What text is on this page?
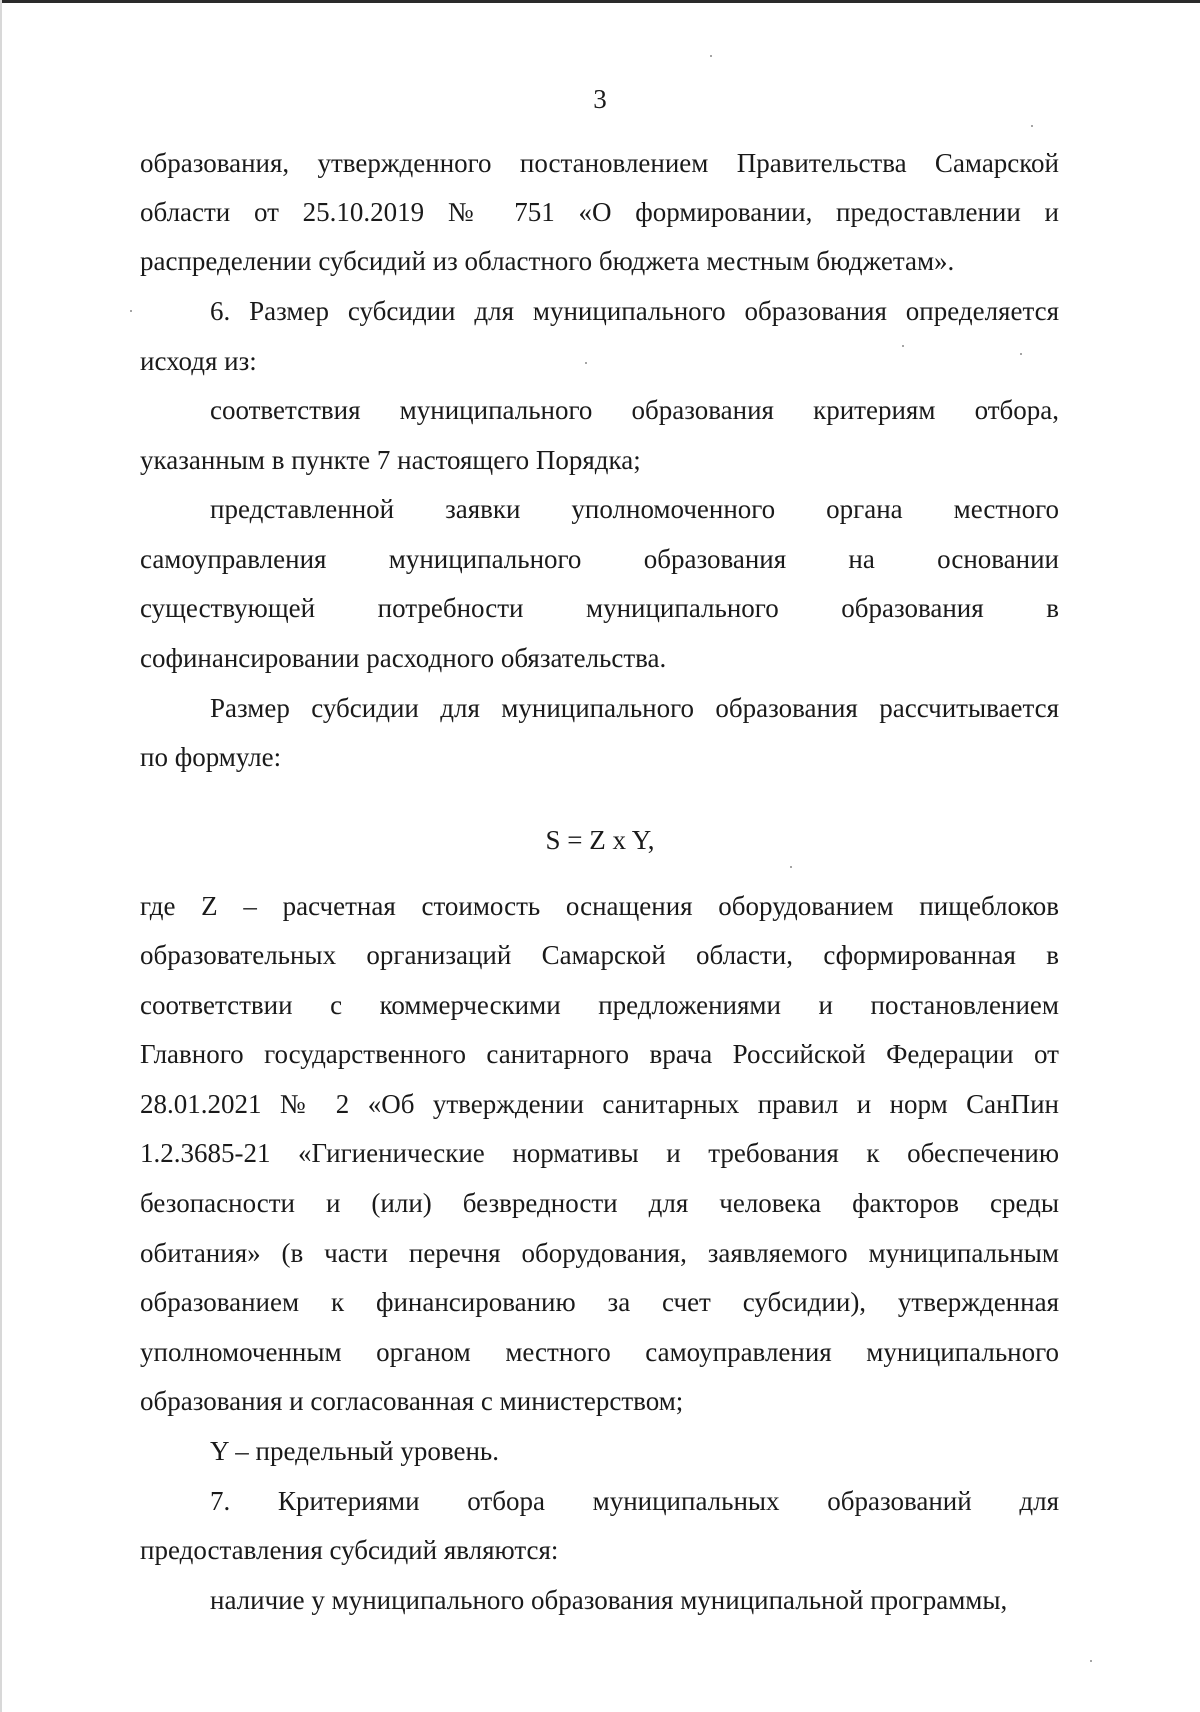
3
образования, утвержденного постановлением Правительства Самарской
области от 25.10.2019 № 751 «О формировании, предоставлении и
распределении субсидий из областного бюджета местным бюджетам».
6. Размер субсидии для муниципального образования определяется
исходя из:
соответствия муниципального образования критериям отбора,
указанным в пункте 7 настоящего Порядка;
представленной заявки уполномоченного органа местного
самоуправления муниципального образования на основании
существующей потребности муниципального образования в
софинансировании расходного обязательства.
Размер субсидии для муниципального образования рассчитывается
по формуле:
S = Z x Y,
где Z – расчетная стоимость оснащения оборудованием пищеблоков
образовательных организаций Самарской области, сформированная в
соответствии с коммерческими предложениями и постановлением
Главного государственного санитарного врача Российской Федерации от
28.01.2021 № 2 «Об утверждении санитарных правил и норм СанПин
1.2.3685-21 «Гигиенические нормативы и требования к обеспечению
безопасности и (или) безвредности для человека факторов среды
обитания» (в части перечня оборудования, заявляемого муниципальным
образованием к финансированию за счет субсидии), утвержденная
уполномоченным органом местного самоуправления муниципального
образования и согласованная с министерством;
Y – предельный уровень.
7. Критериями отбора муниципальных образований для
предоставления субсидий являются:
наличие у муниципального образования муниципальной программы,
